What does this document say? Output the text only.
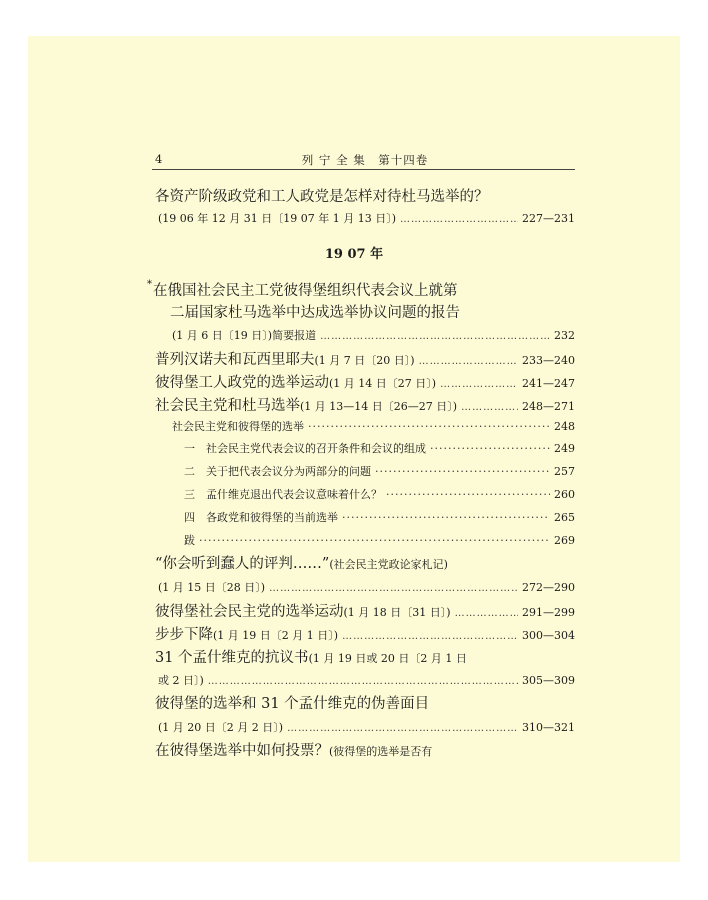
4	列 宁 全 集　第十四卷
各资产阶级政党和工人政党是怎样对待杜马选举的？
(19 06 年 12 月 31 日〔19 07 年 1 月 13 日〕) ……………………………………………………………………………………………………………………………………	227—231
19 07 年
* 在俄国社会民主工党彼得堡组织代表会议上就第
二届国家杜马选举中达成选举协议问题的报告
(1 月 6 日〔19 日〕)简要报道 ……………………………………………………………………………………………………………………………………	232
普列汉诺夫和瓦西里耶夫 (1 月 7 日〔20 日〕) ……………………………………………………………………………………………………………………………………	233—240
彼得堡工人政党的选举运动 (1 月 14 日〔27 日〕) ……………………………………………………………………………………………………………………………………	241—247
社会民主党和杜马选举 (1 月 13—14 日〔26—27 日〕) ……………………………………………………………………………………………………………………………………	248—271
社会民主党和彼得堡的选举 ·····	248
一　社会民主党代表会议的召开条件和会议的组成 ·····	249
二　关于把代表会议分为两部分的问题 ·····	257
三　孟什维克退出代表会议意味着什么？ ·····	260
四　各政党和彼得堡的当前选举 ·····	265
跋 ·····	269
“你会听到蠢人的评判……” (社会民主党政论家札记)
(1 月 15 日〔28 日〕) ……………………………………………………………………………………………………………………………………	272—290
彼得堡社会民主党的选举运动 (1 月 18 日〔31 日〕) ……………………………………………………………………………………………………………………………………	291—299
步步下降 (1 月 19 日〔2 月 1 日〕) ……………………………………………………………………………………………………………………………………	300—304
31 个孟什维克的抗议书 (1 月 19 日或 20 日〔2 月 1 日
或 2 日〕) ……………………………………………………………………………………………………………………………………	305—309
彼得堡的选举和 31 个孟什维克的伪善面目
(1 月 20 日〔2 月 2 日〕) ……………………………………………………………………………………………………………………………………	310—321
在彼得堡选举中如何投票？ (彼得堡的选举是否有
